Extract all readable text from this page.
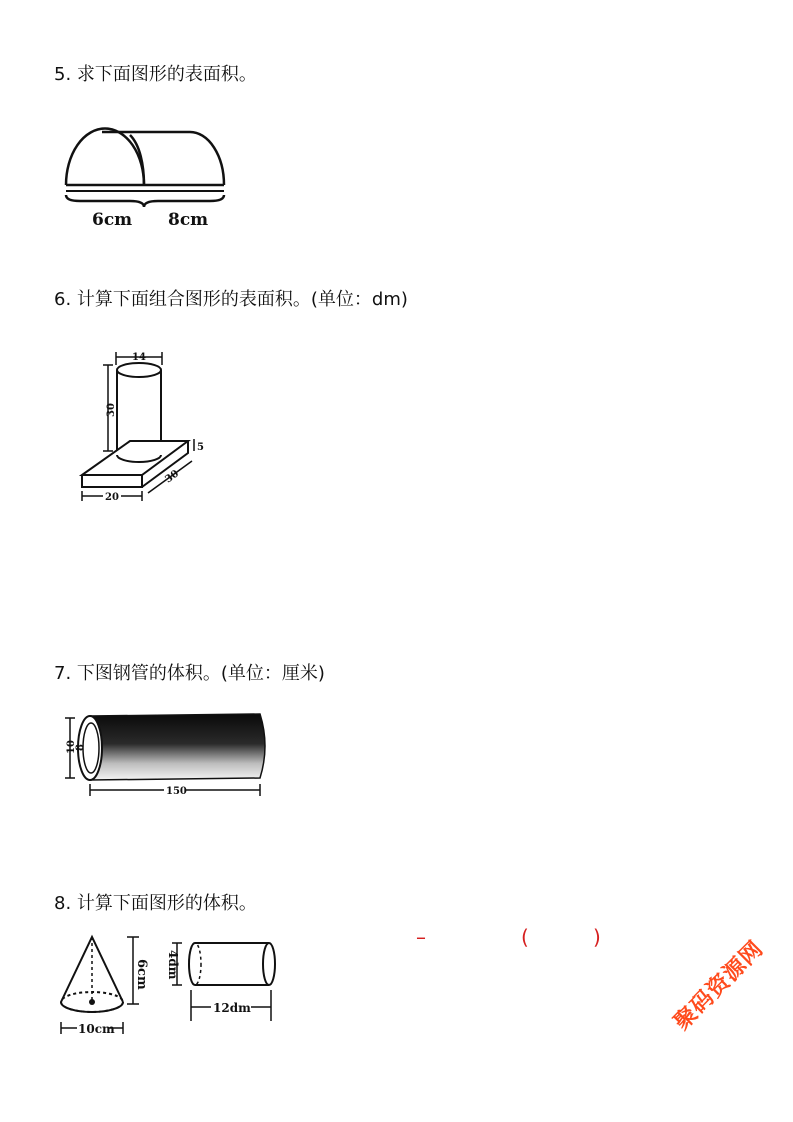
5. 求下面图形的表面积。
6cm 8cm
6. 计算下面组合图形的表面积。(单位：dm)
14
30
5
30
20
7. 下图钢管的体积。(单位：厘米)
10
8
150
8. 计算下面图形的体积。
6cm
10cm
4dm
12dm
–	(	)	聚码资源网
